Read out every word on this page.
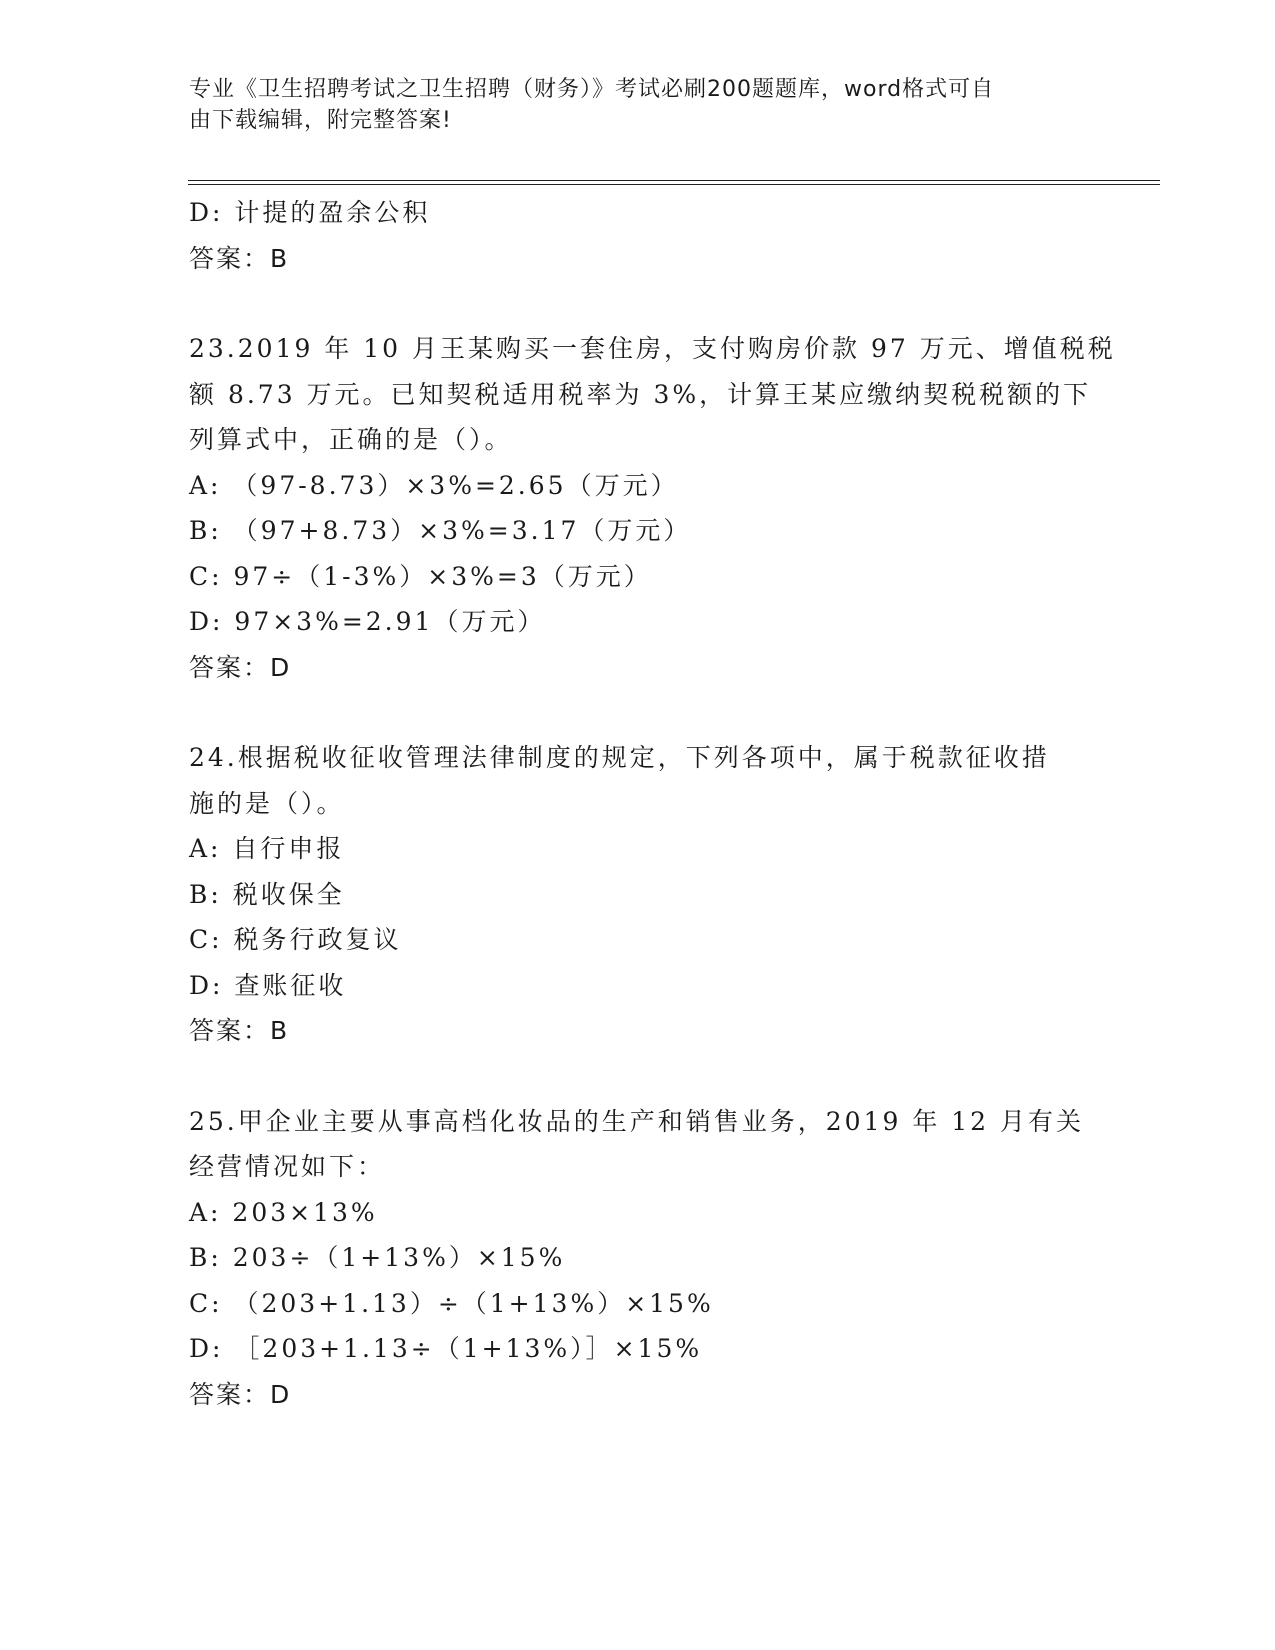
专业《卫生招聘考试之卫生招聘（财务）》考试必刷200题题库，word格式可自
由下载编辑，附完整答案!
D: 计提的盈余公积
答案：B
23.2019 年 10 月王某购买一套住房，支付购房价款 97 万元、增值税税
额 8.73 万元。已知契税适用税率为 3%，计算王某应缴纳契税税额的下
列算式中，正确的是（）。
A: （97-8.73）×3%=2.65（万元）
B: （97+8.73）×3%=3.17（万元）
C: 97÷（1-3%）×3%=3（万元）
D: 97×3%=2.91（万元）
答案：D
24.根据税收征收管理法律制度的规定，下列各项中，属于税款征收措
施的是（）。
A: 自行申报
B: 税收保全
C: 税务行政复议
D: 查账征收
答案：B
25.甲企业主要从事高档化妆品的生产和销售业务，2019 年 12 月有关
经营情况如下：
A: 203×13%
B: 203÷（1+13%）×15%
C: （203+1.13）÷（1+13%）×15%
D: ［203+1.13÷（1+13%）］×15%
答案：D
